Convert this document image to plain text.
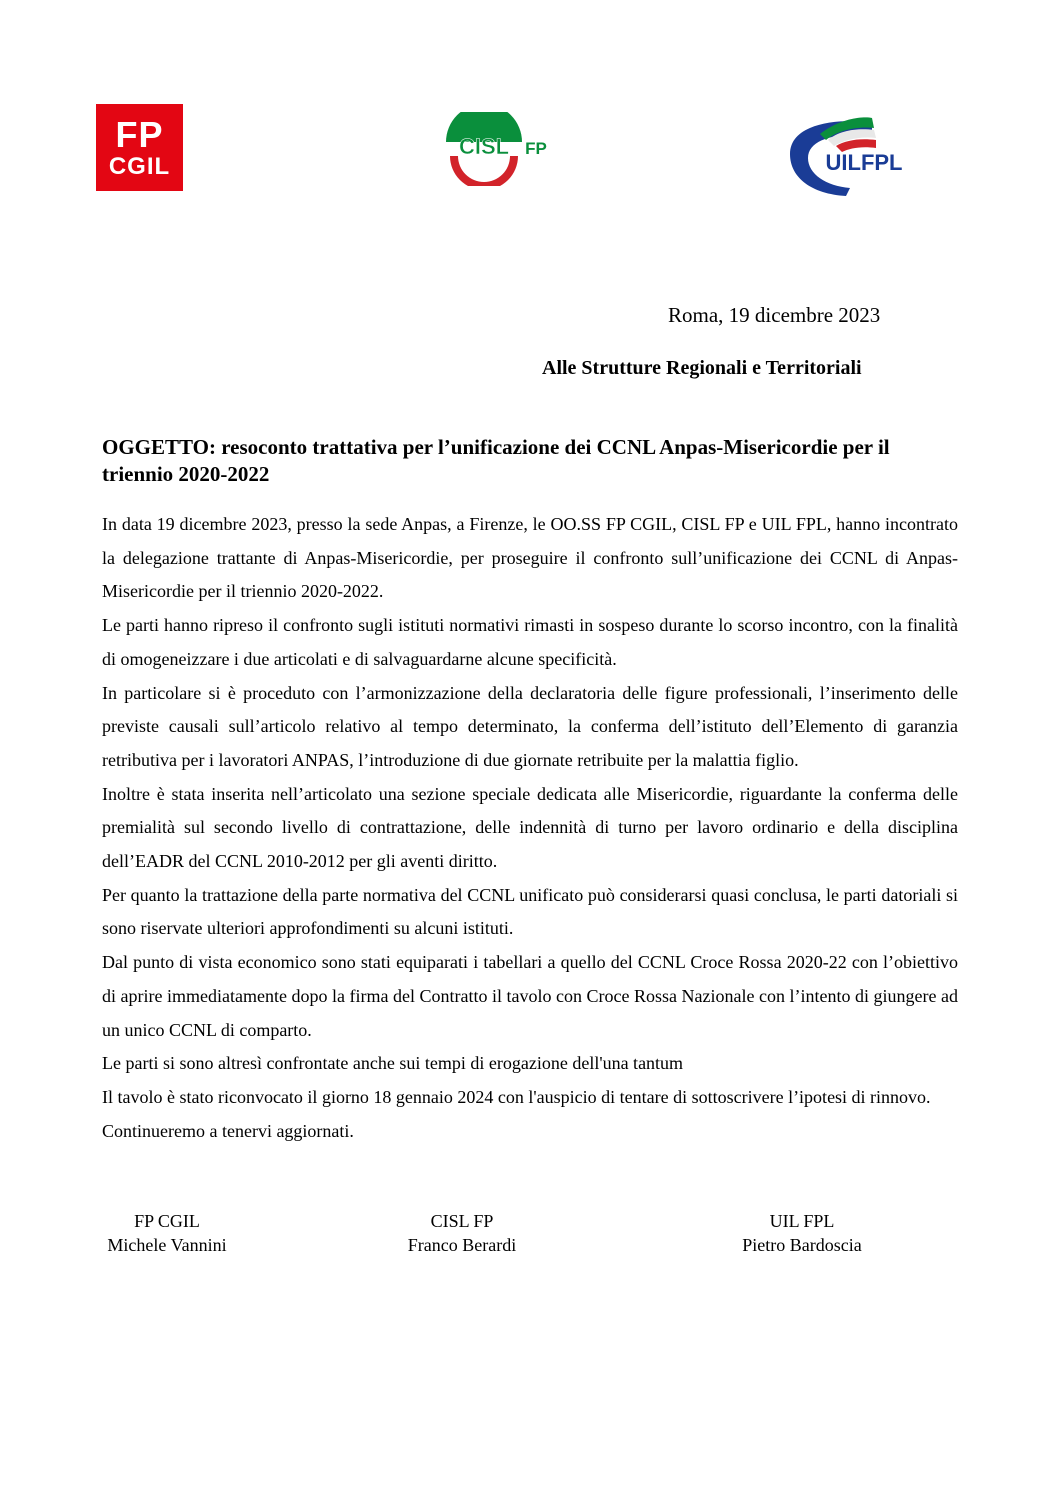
FP
CGIL
CISL FP
UILFPL
Roma, 19 dicembre 2023
Alle Strutture Regionali e Territoriali
OGGETTO: resoconto trattativa per l’unificazione dei CCNL Anpas-Misericordie per il triennio 2020-2022

In data 19 dicembre 2023, presso la sede Anpas, a Firenze, le OO.SS FP CGIL, CISL FP e UIL FPL, hanno incontrato la delegazione trattante di Anpas-Misericordie, per proseguire il confronto sull’unificazione dei CCNL di Anpas-Misericordie per il triennio 2020-2022.

Le parti hanno ripreso il confronto sugli istituti normativi rimasti in sospeso durante lo scorso incontro, con la finalità di omogeneizzare i due articolati e di salvaguardarne alcune specificità.

In particolare si è proceduto con l’armonizzazione della declaratoria delle figure professionali, l’inserimento delle previste causali sull’articolo relativo al tempo determinato, la conferma dell’istituto dell’Elemento di garanzia retributiva per i lavoratori ANPAS, l’introduzione di due giornate retribuite per la malattia figlio.

Inoltre è stata inserita nell’articolato una sezione speciale dedicata alle Misericordie, riguardante la conferma delle premialità sul secondo livello di contrattazione, delle indennità di turno per lavoro ordinario e della disciplina dell’EADR del CCNL 2010-2012 per gli aventi diritto.

Per quanto la trattazione della parte normativa del CCNL unificato può considerarsi quasi conclusa, le parti datoriali si sono riservate ulteriori approfondimenti su alcuni istituti.

Dal punto di vista economico sono stati equiparati i tabellari a quello del CCNL Croce Rossa 2020-22 con l’obiettivo di aprire immediatamente dopo la firma del Contratto il tavolo con Croce Rossa Nazionale con l’intento di giungere ad un unico CCNL di comparto.

Le parti si sono altresì confrontate anche sui tempi di erogazione dell'una tantum

Il tavolo è stato riconvocato il giorno 18 gennaio 2024 con l'auspicio di tentare di sottoscrivere l’ipotesi di rinnovo.

Continueremo a tenervi aggiornati.

FP CGIL
Michele Vannini
CISL FP
Franco Berardi
UIL FPL
Pietro Bardoscia
